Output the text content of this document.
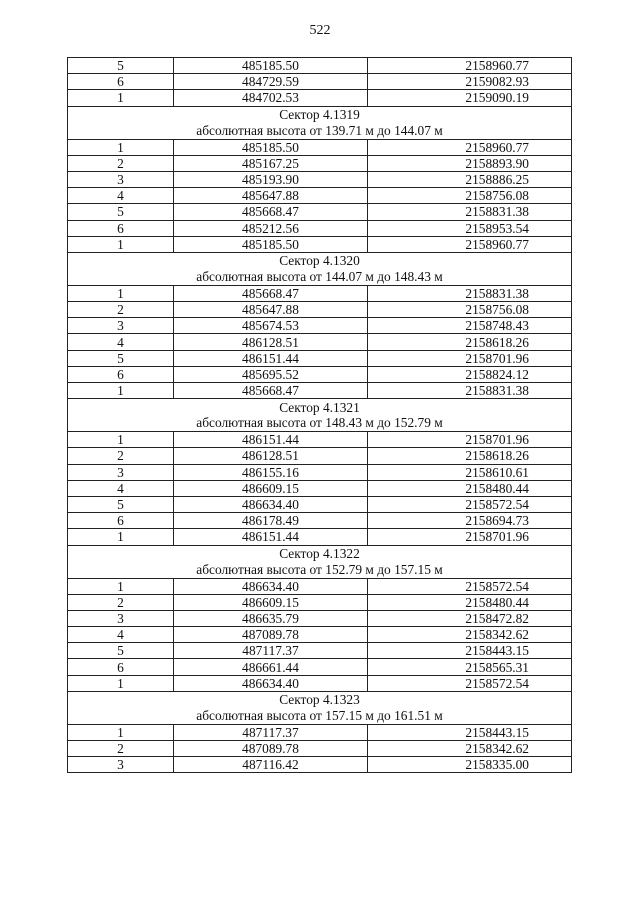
522
5	485185.50	2158960.77
6	484729.59	2159082.93
1	484702.53	2159090.19

Сектор 4.1319
абсолютная высота от 139.71 м до 144.07 м		

1	485185.50	2158960.77
2	485167.25	2158893.90
3	485193.90	2158886.25
4	485647.88	2158756.08
5	485668.47	2158831.38
6	485212.56	2158953.54
1	485185.50	2158960.77

Сектор 4.1320
абсолютная высота от 144.07 м до 148.43 м		

1	485668.47	2158831.38
2	485647.88	2158756.08
3	485674.53	2158748.43
4	486128.51	2158618.26
5	486151.44	2158701.96
6	485695.52	2158824.12
1	485668.47	2158831.38

Сектор 4.1321
абсолютная высота от 148.43 м до 152.79 м		

1	486151.44	2158701.96
2	486128.51	2158618.26
3	486155.16	2158610.61
4	486609.15	2158480.44
5	486634.40	2158572.54
6	486178.49	2158694.73
1	486151.44	2158701.96

Сектор 4.1322
абсолютная высота от 152.79 м до 157.15 м		

1	486634.40	2158572.54
2	486609.15	2158480.44
3	486635.79	2158472.82
4	487089.78	2158342.62
5	487117.37	2158443.15
6	486661.44	2158565.31
1	486634.40	2158572.54

Сектор 4.1323
абсолютная высота от 157.15 м до 161.51 м		

1	487117.37	2158443.15
2	487089.78	2158342.62
3	487116.42	2158335.00
